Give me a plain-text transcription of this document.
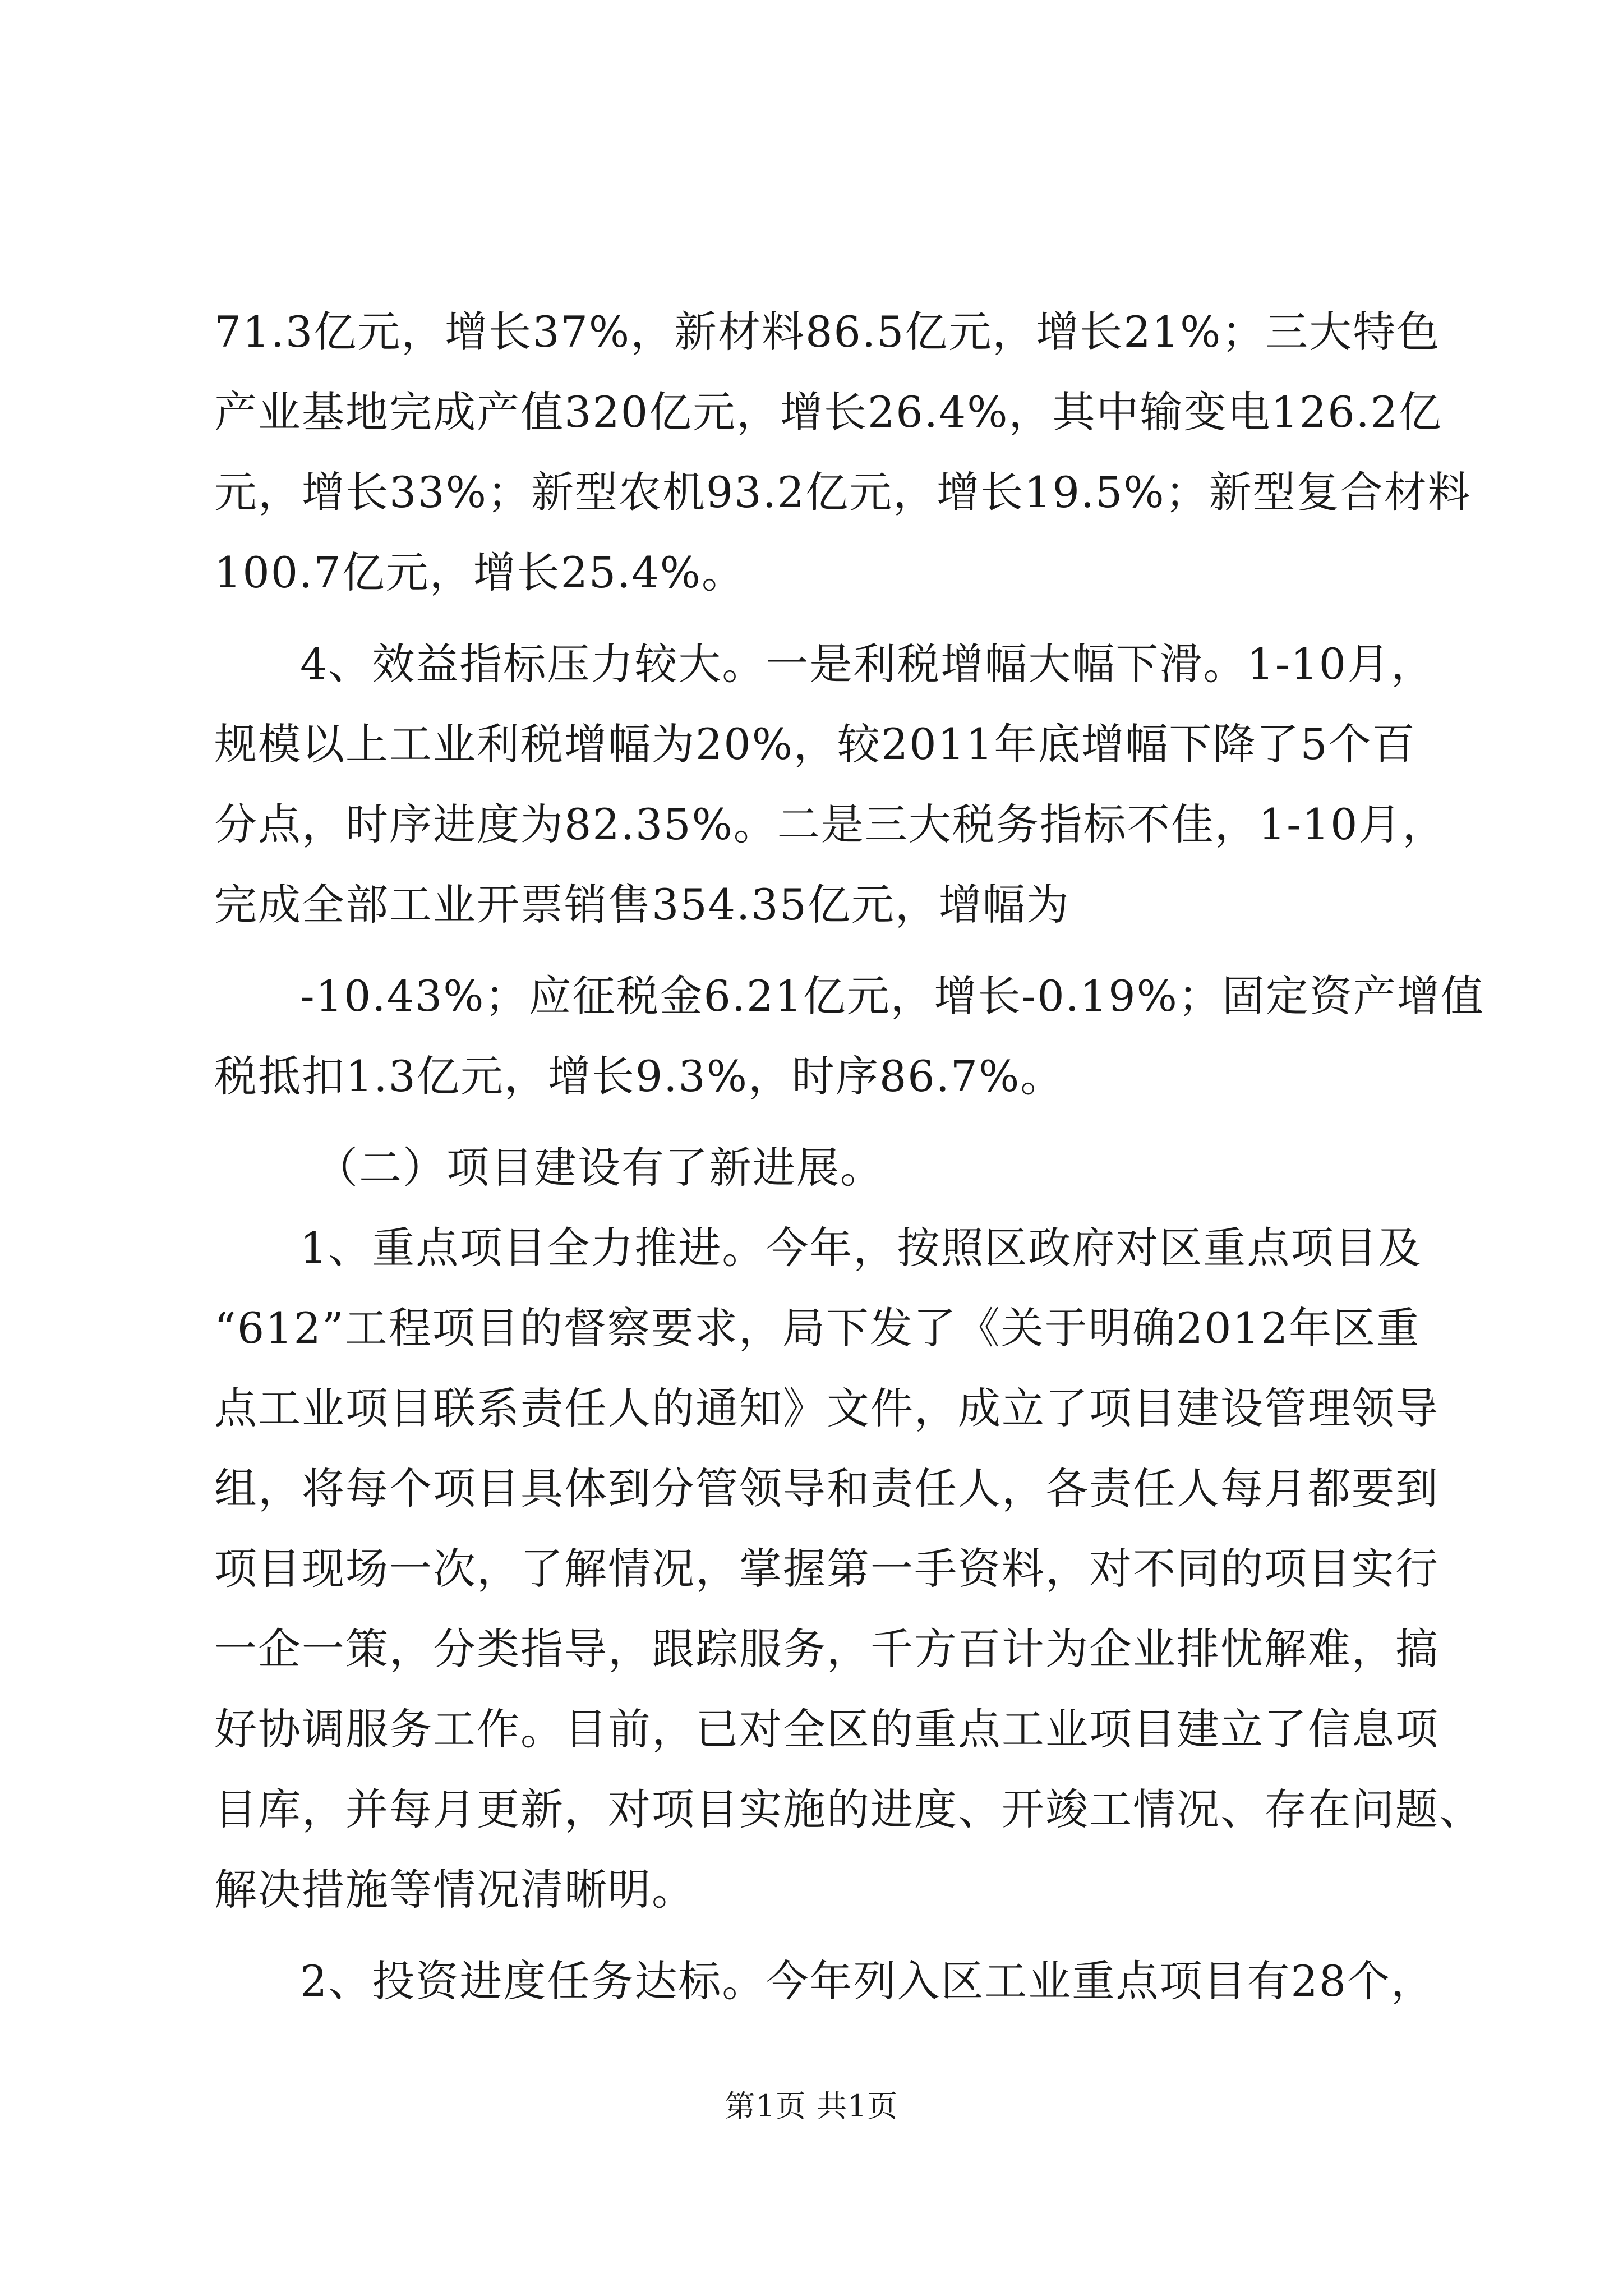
71.3亿元，增长37%，新材料86.5亿元，增长21%；三大特色
产业基地完成产值320亿元，增长26.4%，其中输变电126.2亿
元，增长33%；新型农机93.2亿元，增长19.5%；新型复合材料
100.7亿元，增长25.4%。
4、效益指标压力较大。一是利税增幅大幅下滑。1-10月，
规模以上工业利税增幅为20%，较2011年底增幅下降了5个百
分点，时序进度为82.35%。二是三大税务指标不佳，1-10月，
完成全部工业开票销售354.35亿元，增幅为
-10.43%；应征税金6.21亿元，增长-0.19%；固定资产增值
税抵扣1.3亿元，增长9.3%，时序86.7%。
（二）项目建设有了新进展。
1、重点项目全力推进。今年，按照区政府对区重点项目及
“612”工程项目的督察要求，局下发了《关于明确2012年区重
点工业项目联系责任人的通知》文件，成立了项目建设管理领导
组，将每个项目具体到分管领导和责任人，各责任人每月都要到
项目现场一次，了解情况，掌握第一手资料，对不同的项目实行
一企一策，分类指导，跟踪服务，千方百计为企业排忧解难，搞
好协调服务工作。目前，已对全区的重点工业项目建立了信息项
目库，并每月更新，对项目实施的进度、开竣工情况、存在问题、
解决措施等情况清晰明。
2、投资进度任务达标。今年列入区工业重点项目有28个，
第1页 共1页
